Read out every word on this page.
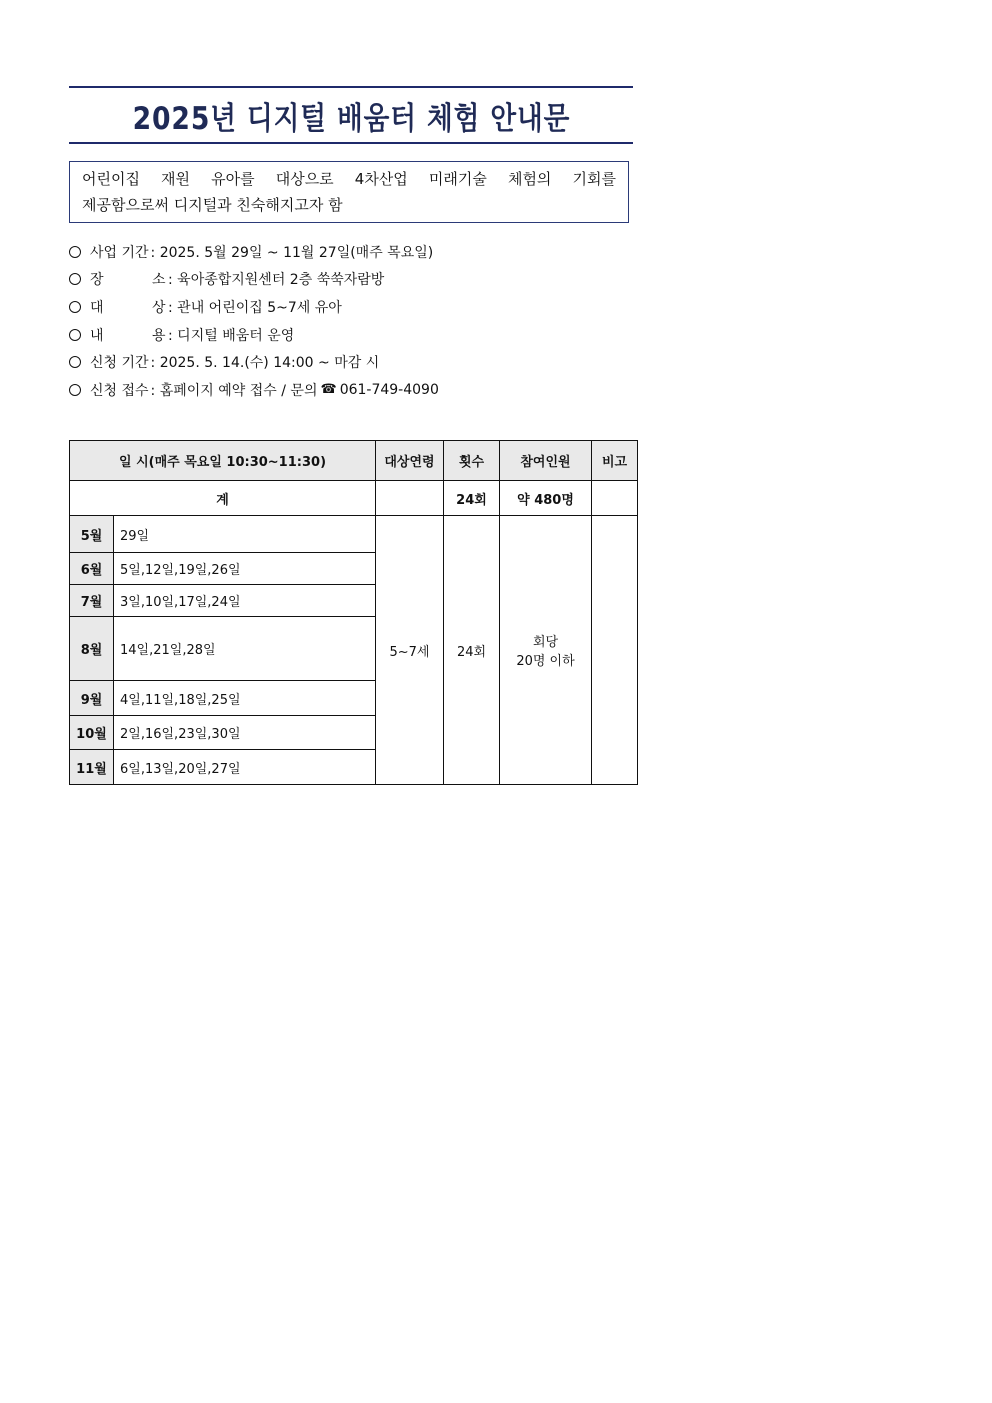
2025년 디지털 배움터 체험 안내문
어린이집 재원 유아를 대상으로 4차산업 미래기술 체험의 기회를
제공함으로써 디지털과 친숙해지고자 함
사업 기간 : 2025. 5월 29일 ~ 11월 27일(매주 목요일)
장 소 : 육아종합지원센터 2층 쑥쑥자람방
대 상 : 관내 어린이집 5~7세 유아
내 용 : 디지털 배움터 운영
신청 기간 : 2025. 5. 14.(수) 14:00 ~ 마감 시
신청 접수 : 홈페이지 예약 접수 / 문의 ☎ 061-749-4090
일 시(매주 목요일 10:30~11:30)		대상연령	횟수	참여인원	비고
계			24회	약 480명	
5월	29일	5~7세	24회	회당
20명 이하	

6월	5일,12일,19일,26일				
7월	3일,10일,17일,24일				
8월	14일,21일,28일				
9월	4일,11일,18일,25일				
10월	2일,16일,23일,30일				
11월	6일,13일,20일,27일				
